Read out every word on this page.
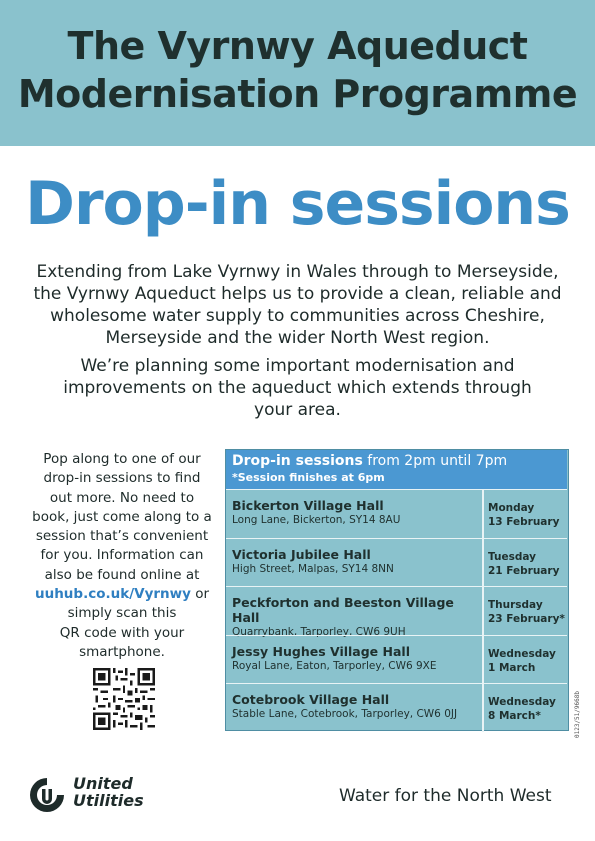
The Vyrnwy Aqueduct
Modernisation Programme
Drop-in sessions
Extending from Lake Vyrnwy in Wales through to Merseyside,
the Vyrnwy Aqueduct helps us to provide a clean, reliable and
wholesome water supply to communities across Cheshire,
Merseyside and the wider North West region.
We’re planning some important modernisation and
improvements on the aqueduct which extends through
your area.
Pop along to one of our
drop-in sessions to find
out more. No need to
book, just come along to a
session that’s convenient
for you. Information can
also be found online at
uuhub.co.uk/Vyrnwy or
simply scan this
QR code with your
smartphone.
Drop-in sessions from 2pm until 7pm
*Session finishes at 6pm
Bickerton Village Hall
Long Lane, Bickerton, SY14 8AU
Monday
13 February
Victoria Jubilee Hall
High Street, Malpas, SY14 8NN
Tuesday
21 February
Peckforton and Beeston Village Hall
Quarrybank, Tarporley, CW6 9UH
Thursday
23 February*
Jessy Hughes Village Hall
Royal Lane, Eaton, Tarporley, CW6 9XE
Wednesday
1 March
Cotebrook Village Hall
Stable Lane, Cotebrook, Tarporley, CW6 0JJ
Wednesday
8 March*	0123/51/9668b
United
Utilities	Water for the North West
